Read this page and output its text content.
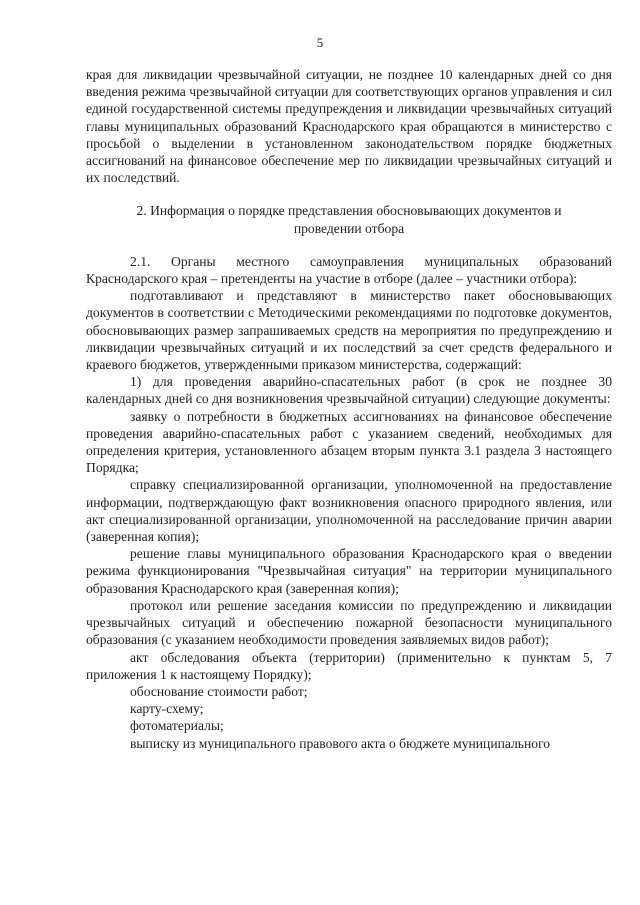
5

края для ликвидации чрезвычайной ситуации, не позднее 10 календарных дней со дня введения режима чрезвычайной ситуации для соответствующих органов управления и сил единой государственной системы предупреждения и ликвидации чрезвычайных ситуаций главы муниципальных образований Краснодарского края обращаются в министерство с просьбой о выделении в установленном законодательством порядке бюджетных ассигнований на финансовое обеспечение мер по ликвидации чрезвычайных ситуаций и их последствий.

2. Информация о порядке представления обосновывающих документов и проведении отбора

2.1. Органы местного самоуправления муниципальных образований Краснодарского края – претенденты на участие в отборе (далее – участники отбора):

подготавливают и представляют в министерство пакет обосновывающих документов в соответствии с Методическими рекомендациями по подготовке документов, обосновывающих размер запрашиваемых средств на мероприятия по предупреждению и ликвидации чрезвычайных ситуаций и их последствий за счет средств федерального и краевого бюджетов, утвержденными приказом министерства, содержащий:

1) для проведения аварийно-спасательных работ (в срок не позднее 30 календарных дней со дня возникновения чрезвычайной ситуации) следующие документы:

заявку о потребности в бюджетных ассигнованиях на финансовое обеспечение проведения аварийно-спасательных работ с указанием сведений, необходимых для определения критерия, установленного абзацем вторым пункта 3.1 раздела 3 настоящего Порядка;

справку специализированной организации, уполномоченной на предоставление информации, подтверждающую факт возникновения опасного природного явления, или акт специализированной организации, уполномоченной на расследование причин аварии (заверенная копия);

решение главы муниципального образования Краснодарского края о введении режима функционирования "Чрезвычайная ситуация" на территории муниципального образования Краснодарского края (заверенная копия);

протокол или решение заседания комиссии по предупреждению и ликвидации чрезвычайных ситуаций и обеспечению пожарной безопасности муниципального образования (с указанием необходимости проведения заявляемых видов работ);

акт обследования объекта (территории) (применительно к пунктам 5, 7 приложения 1 к настоящему Порядку);

обоснование стоимости работ;

карту-схему;

фотоматериалы;

выписку из муниципального правового акта о бюджете муниципального
